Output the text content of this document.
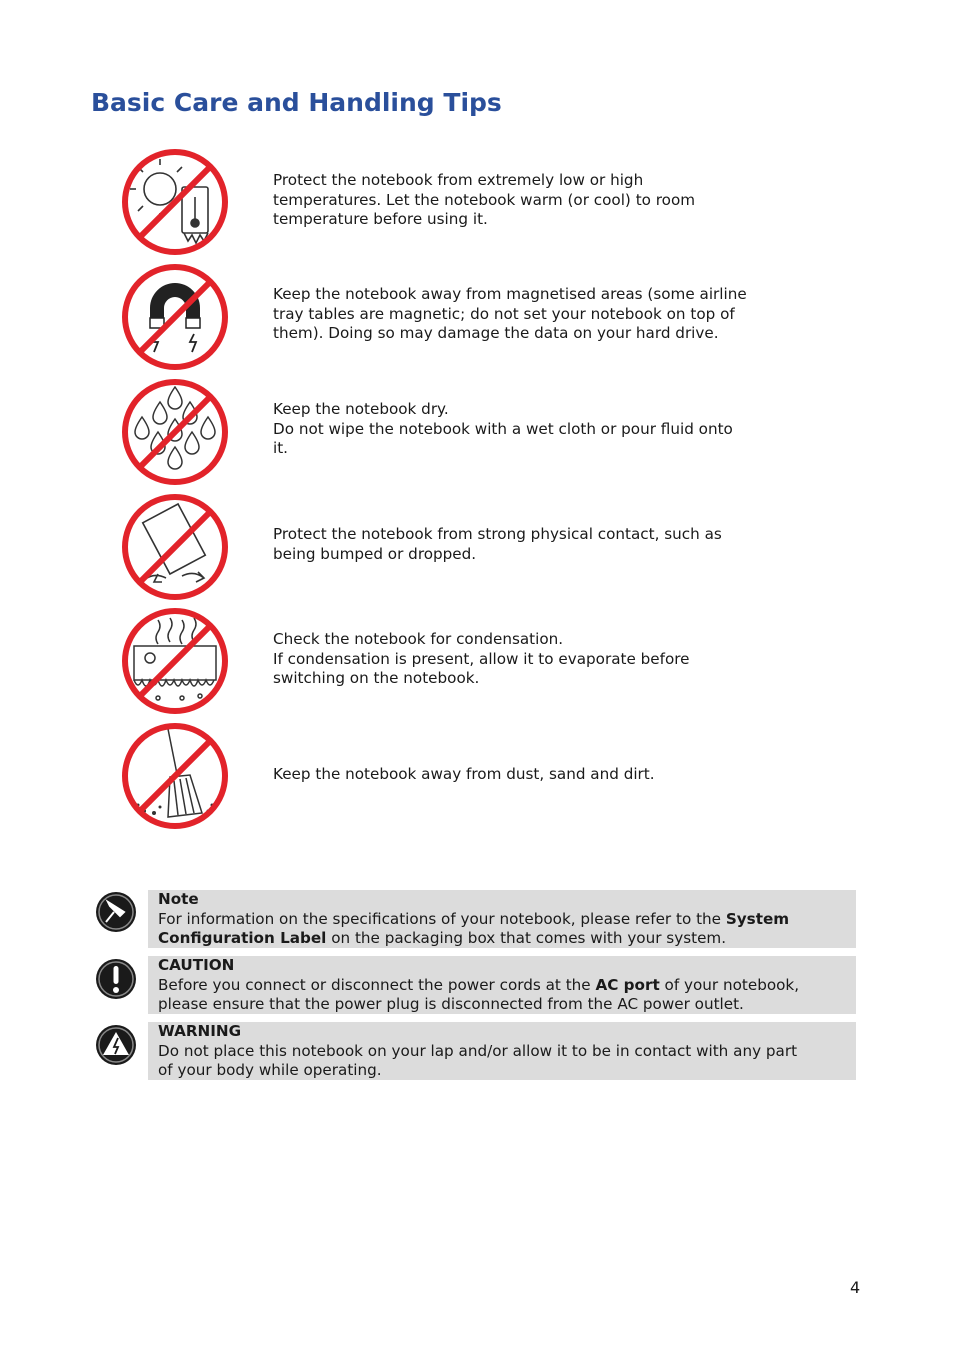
Basic Care and Handling Tips
Protect the notebook from extremely low or high
temperatures. Let the notebook warm (or cool) to room
temperature before using it.
Keep the notebook away from magnetised areas (some airline
tray tables are magnetic; do not set your notebook on top of
them). Doing so may damage the data on your hard drive.
Keep the notebook dry.
Do not wipe the notebook with a wet cloth or pour fluid onto
it.
Protect the notebook from strong physical contact, such as
being bumped or dropped.
Check the notebook for condensation.
If condensation is present, allow it to evaporate before
switching on the notebook.
Keep the notebook away from dust, sand and dirt.
Note
For information on the specifications of your notebook, please refer to the System
Configuration Label on the packaging box that comes with your system.
CAUTION
Before you connect or disconnect the power cords at the AC port of your notebook,
please ensure that the power plug is disconnected from the AC power outlet.
WARNING
Do not place this notebook on your lap and/or allow it to be in contact with any part
of your body while operating.
4
